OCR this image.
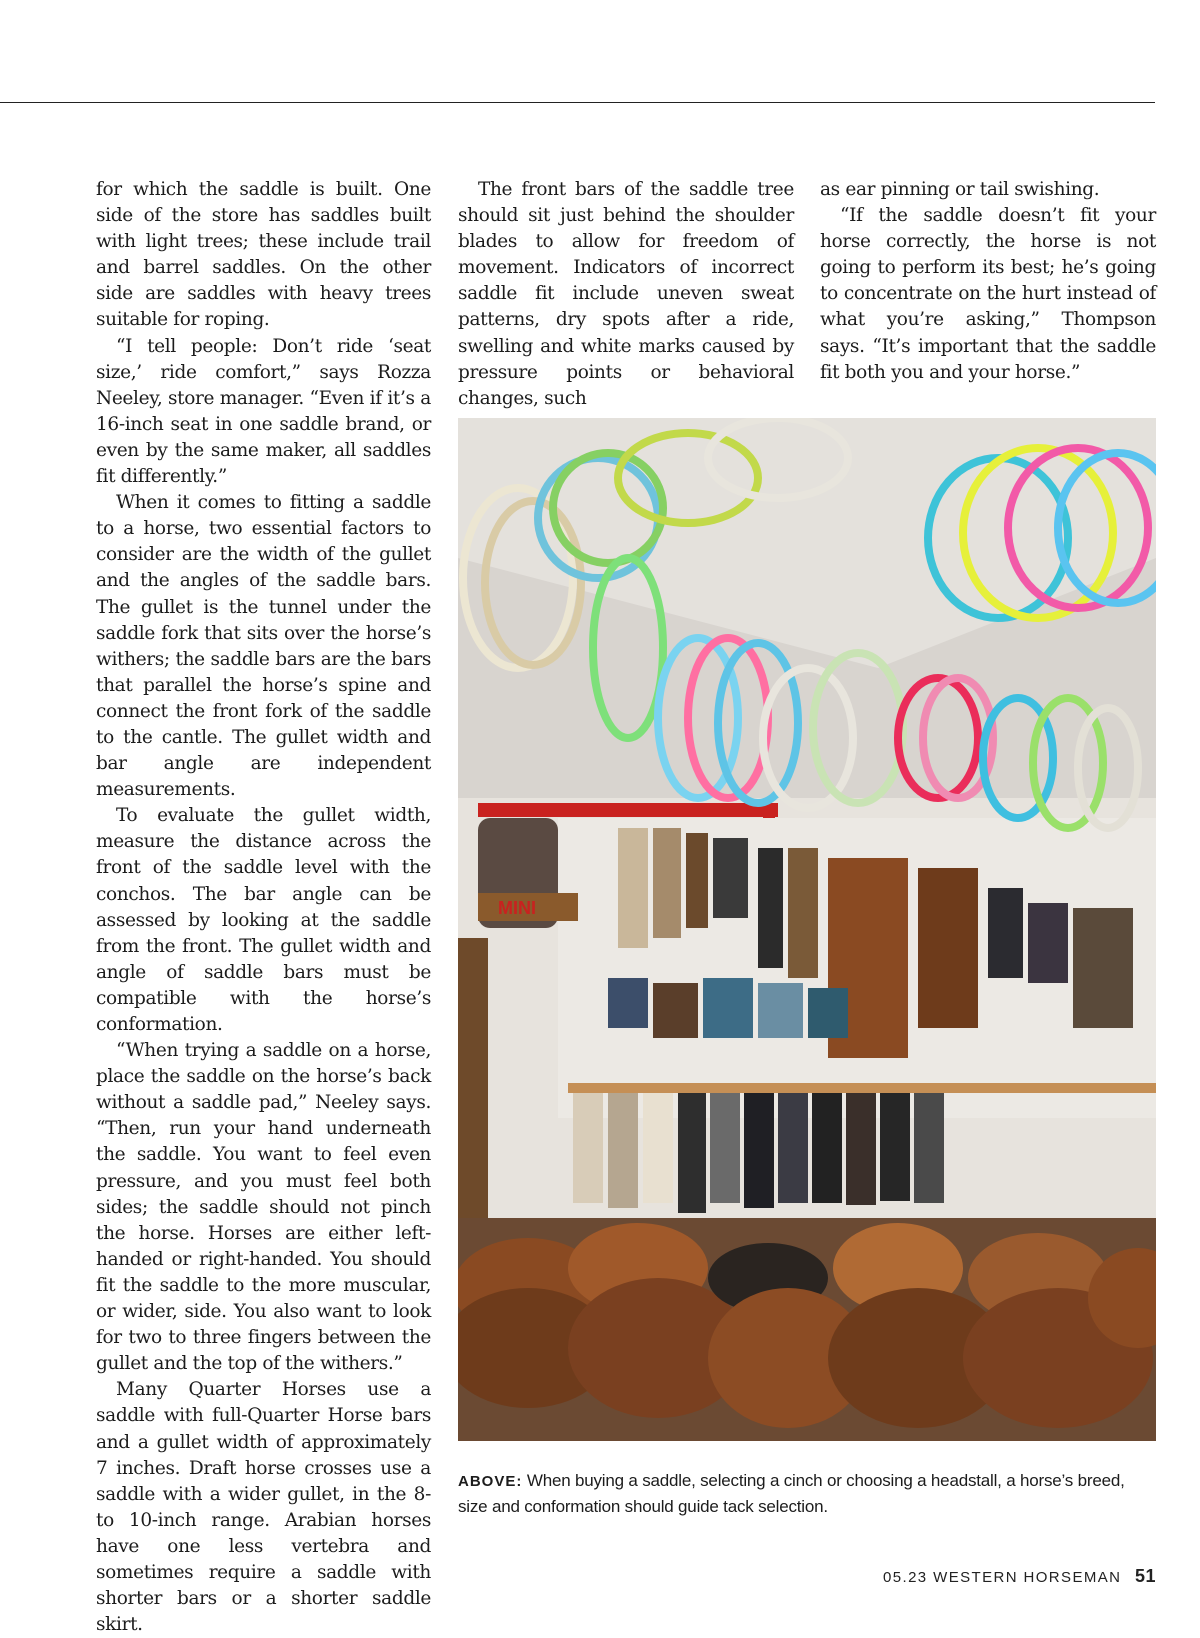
for which the saddle is built. One side of the store has saddles built with light trees; these include trail and barrel saddles. On the other side are saddles with heavy trees suitable for roping.

“I tell people: Don’t ride ‘seat size,’ ride comfort,” says Rozza Neeley, store manager. “Even if it’s a 16-inch seat in one saddle brand, or even by the same maker, all saddles fit differently.”

When it comes to fitting a saddle to a horse, two essential factors to consider are the width of the gullet and the angles of the saddle bars. The gullet is the tunnel under the saddle fork that sits over the horse’s withers; the saddle bars are the bars that parallel the horse’s spine and connect the front fork of the saddle to the cantle. The gullet width and bar angle are independent measurements.

To evaluate the gullet width, measure the distance across the front of the saddle level with the conchos. The bar angle can be assessed by looking at the saddle from the front. The gullet width and angle of saddle bars must be compatible with the horse’s conformation.

“When trying a saddle on a horse, place the saddle on the horse’s back without a saddle pad,” Neeley says. “Then, run your hand underneath the saddle. You want to feel even pressure, and you must feel both sides; the saddle should not pinch the horse. Horses are either left-handed or right-handed. You should fit the saddle to the more muscular, or wider, side. You also want to look for two to three fingers between the gullet and the top of the withers.”

Many Quarter Horses use a saddle with full-Quarter Horse bars and a gullet width of approximately 7 inches. Draft horse crosses use a saddle with a wider gullet, in the 8- to 10-inch range. Arabian horses have one less vertebra and sometimes require a saddle with shorter bars or a shorter saddle skirt.

The front bars of the saddle tree should sit just behind the shoulder blades to allow for freedom of movement. Indicators of incorrect saddle fit include uneven sweat patterns, dry spots after a ride, swelling and white marks caused by pressure points or behavioral changes, such

as ear pinning or tail swishing.

“If the saddle doesn’t fit your horse correctly, the horse is not going to perform its best; he’s going to concentrate on the hurt instead of what you’re asking,” Thompson says. “It’s important that the saddle fit both you and your horse.”

MINI
ABOVE: When buying a saddle, selecting a cinch or choosing a headstall, a horse’s breed, size and conformation should guide tack selection.
05.23 WESTERN HORSEMAN 51
